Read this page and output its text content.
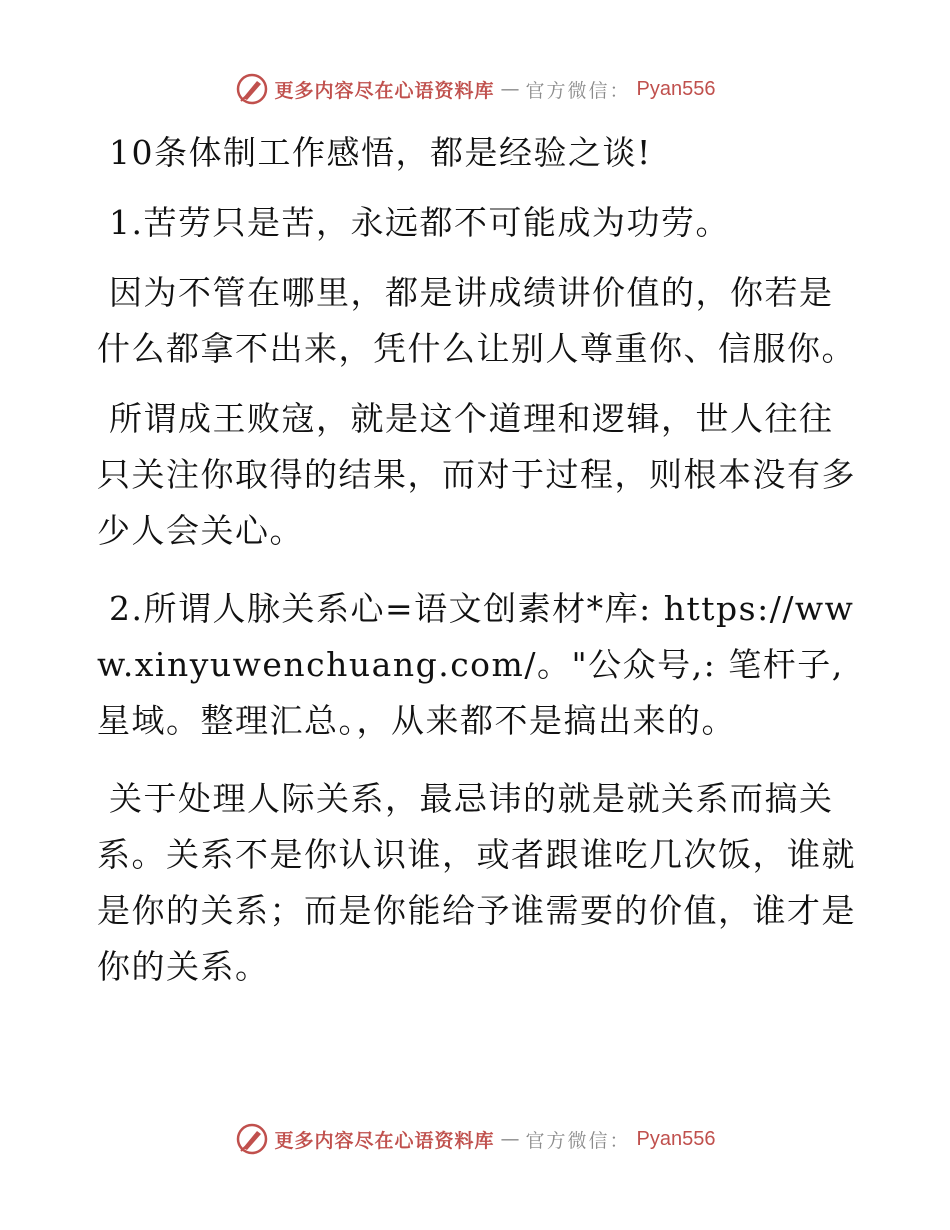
更多内容尽在心语资料库 — 官方微信： Pyan556

10条体制工作感悟，都是经验之谈!

1.苦劳只是苦，永远都不可能成为功劳。

因为不管在哪里，都是讲成绩讲价值的，你若是什么都拿不出来，凭什么让别人尊重你、信服你。

所谓成王败寇，就是这个道理和逻辑，世人往往只关注你取得的结果，而对于过程，则根本没有多少人会关心。

2.所谓人脉关系心=语文创素材*库: https://www.xinyuwenchuang.com/。"公众号,: 笔杆子,星域。整理汇总。，从来都不是搞出来的。

关于处理人际关系，最忌讳的就是就关系而搞关系。关系不是你认识谁，或者跟谁吃几次饭，谁就是你的关系；而是你能给予谁需要的价值，谁才是你的关系。

更多内容尽在心语资料库 — 官方微信： Pyan556
